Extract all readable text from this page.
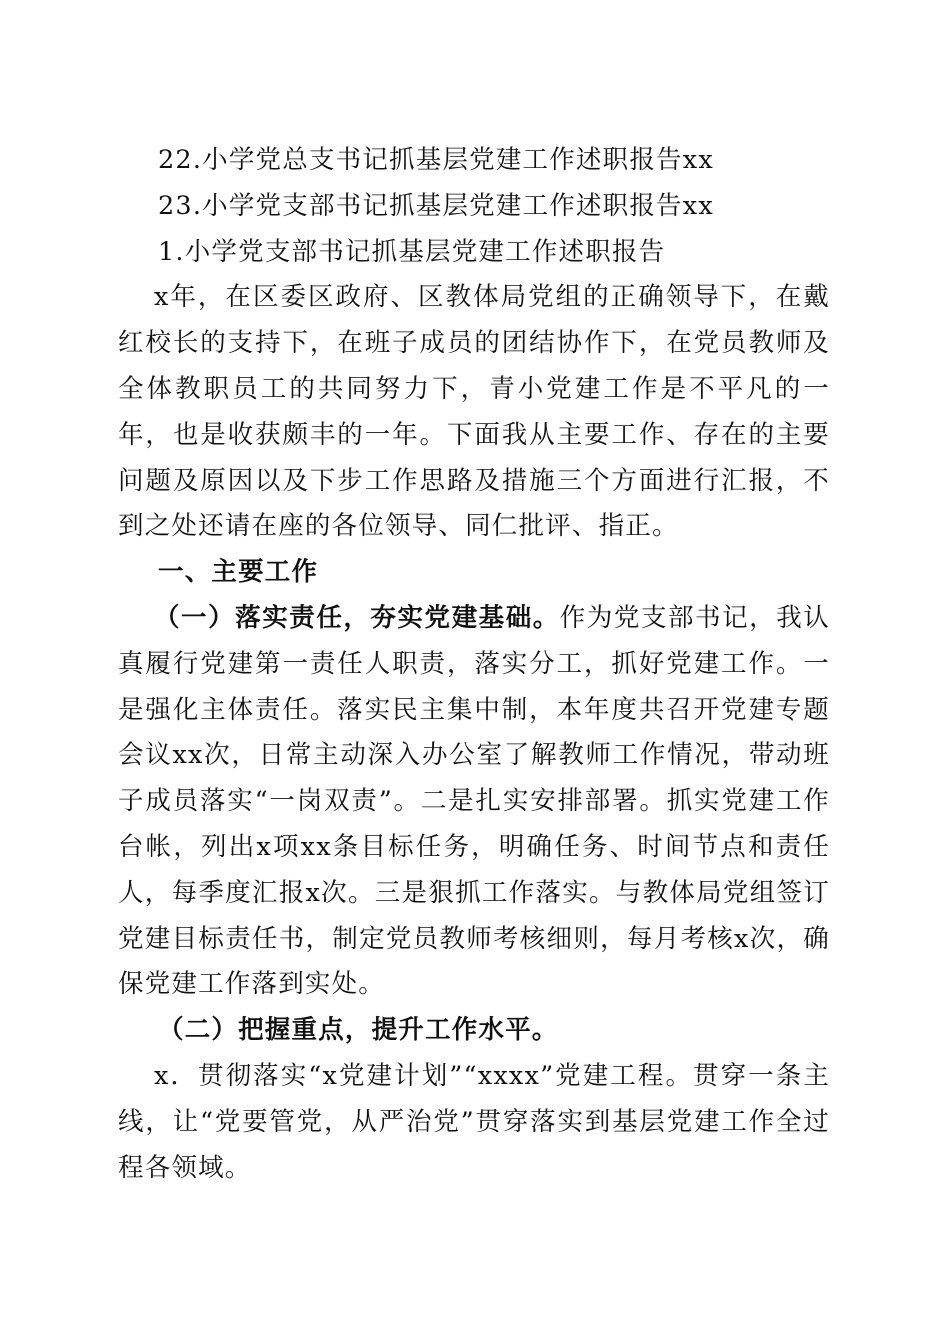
22.小学党总支书记抓基层党建工作述职报告xx

23.小学党支部书记抓基层党建工作述职报告xx

1.小学党支部书记抓基层党建工作述职报告

x年，在区委区政府、区教体局党组的正确领导下，在戴红校长的支持下，在班子成员的团结协作下，在党员教师及全体教职员工的共同努力下，青小党建工作是不平凡的一年，也是收获颇丰的一年。下面我从主要工作、存在的主要问题及原因以及下步工作思路及措施三个方面进行汇报，不到之处还请在座的各位领导、同仁批评、指正。

一、主要工作

（一）落实责任，夯实党建基础。作为党支部书记，我认真履行党建第一责任人职责，落实分工，抓好党建工作。一是强化主体责任。落实民主集中制，本年度共召开党建专题会议xx次，日常主动深入办公室了解教师工作情况，带动班子成员落实“一岗双责”。二是扎实安排部署。抓实党建工作台帐，列出x项xx条目标任务，明确任务、时间节点和责任人，每季度汇报x次。三是狠抓工作落实。与教体局党组签订党建目标责任书，制定党员教师考核细则，每月考核x次，确保党建工作落到实处。

（二）把握重点，提升工作水平。

x．贯彻落实“x党建计划”“xxxx”党建工程。贯穿一条主线，让“党要管党，从严治党”贯穿落实到基层党建工作全过程各领域。
